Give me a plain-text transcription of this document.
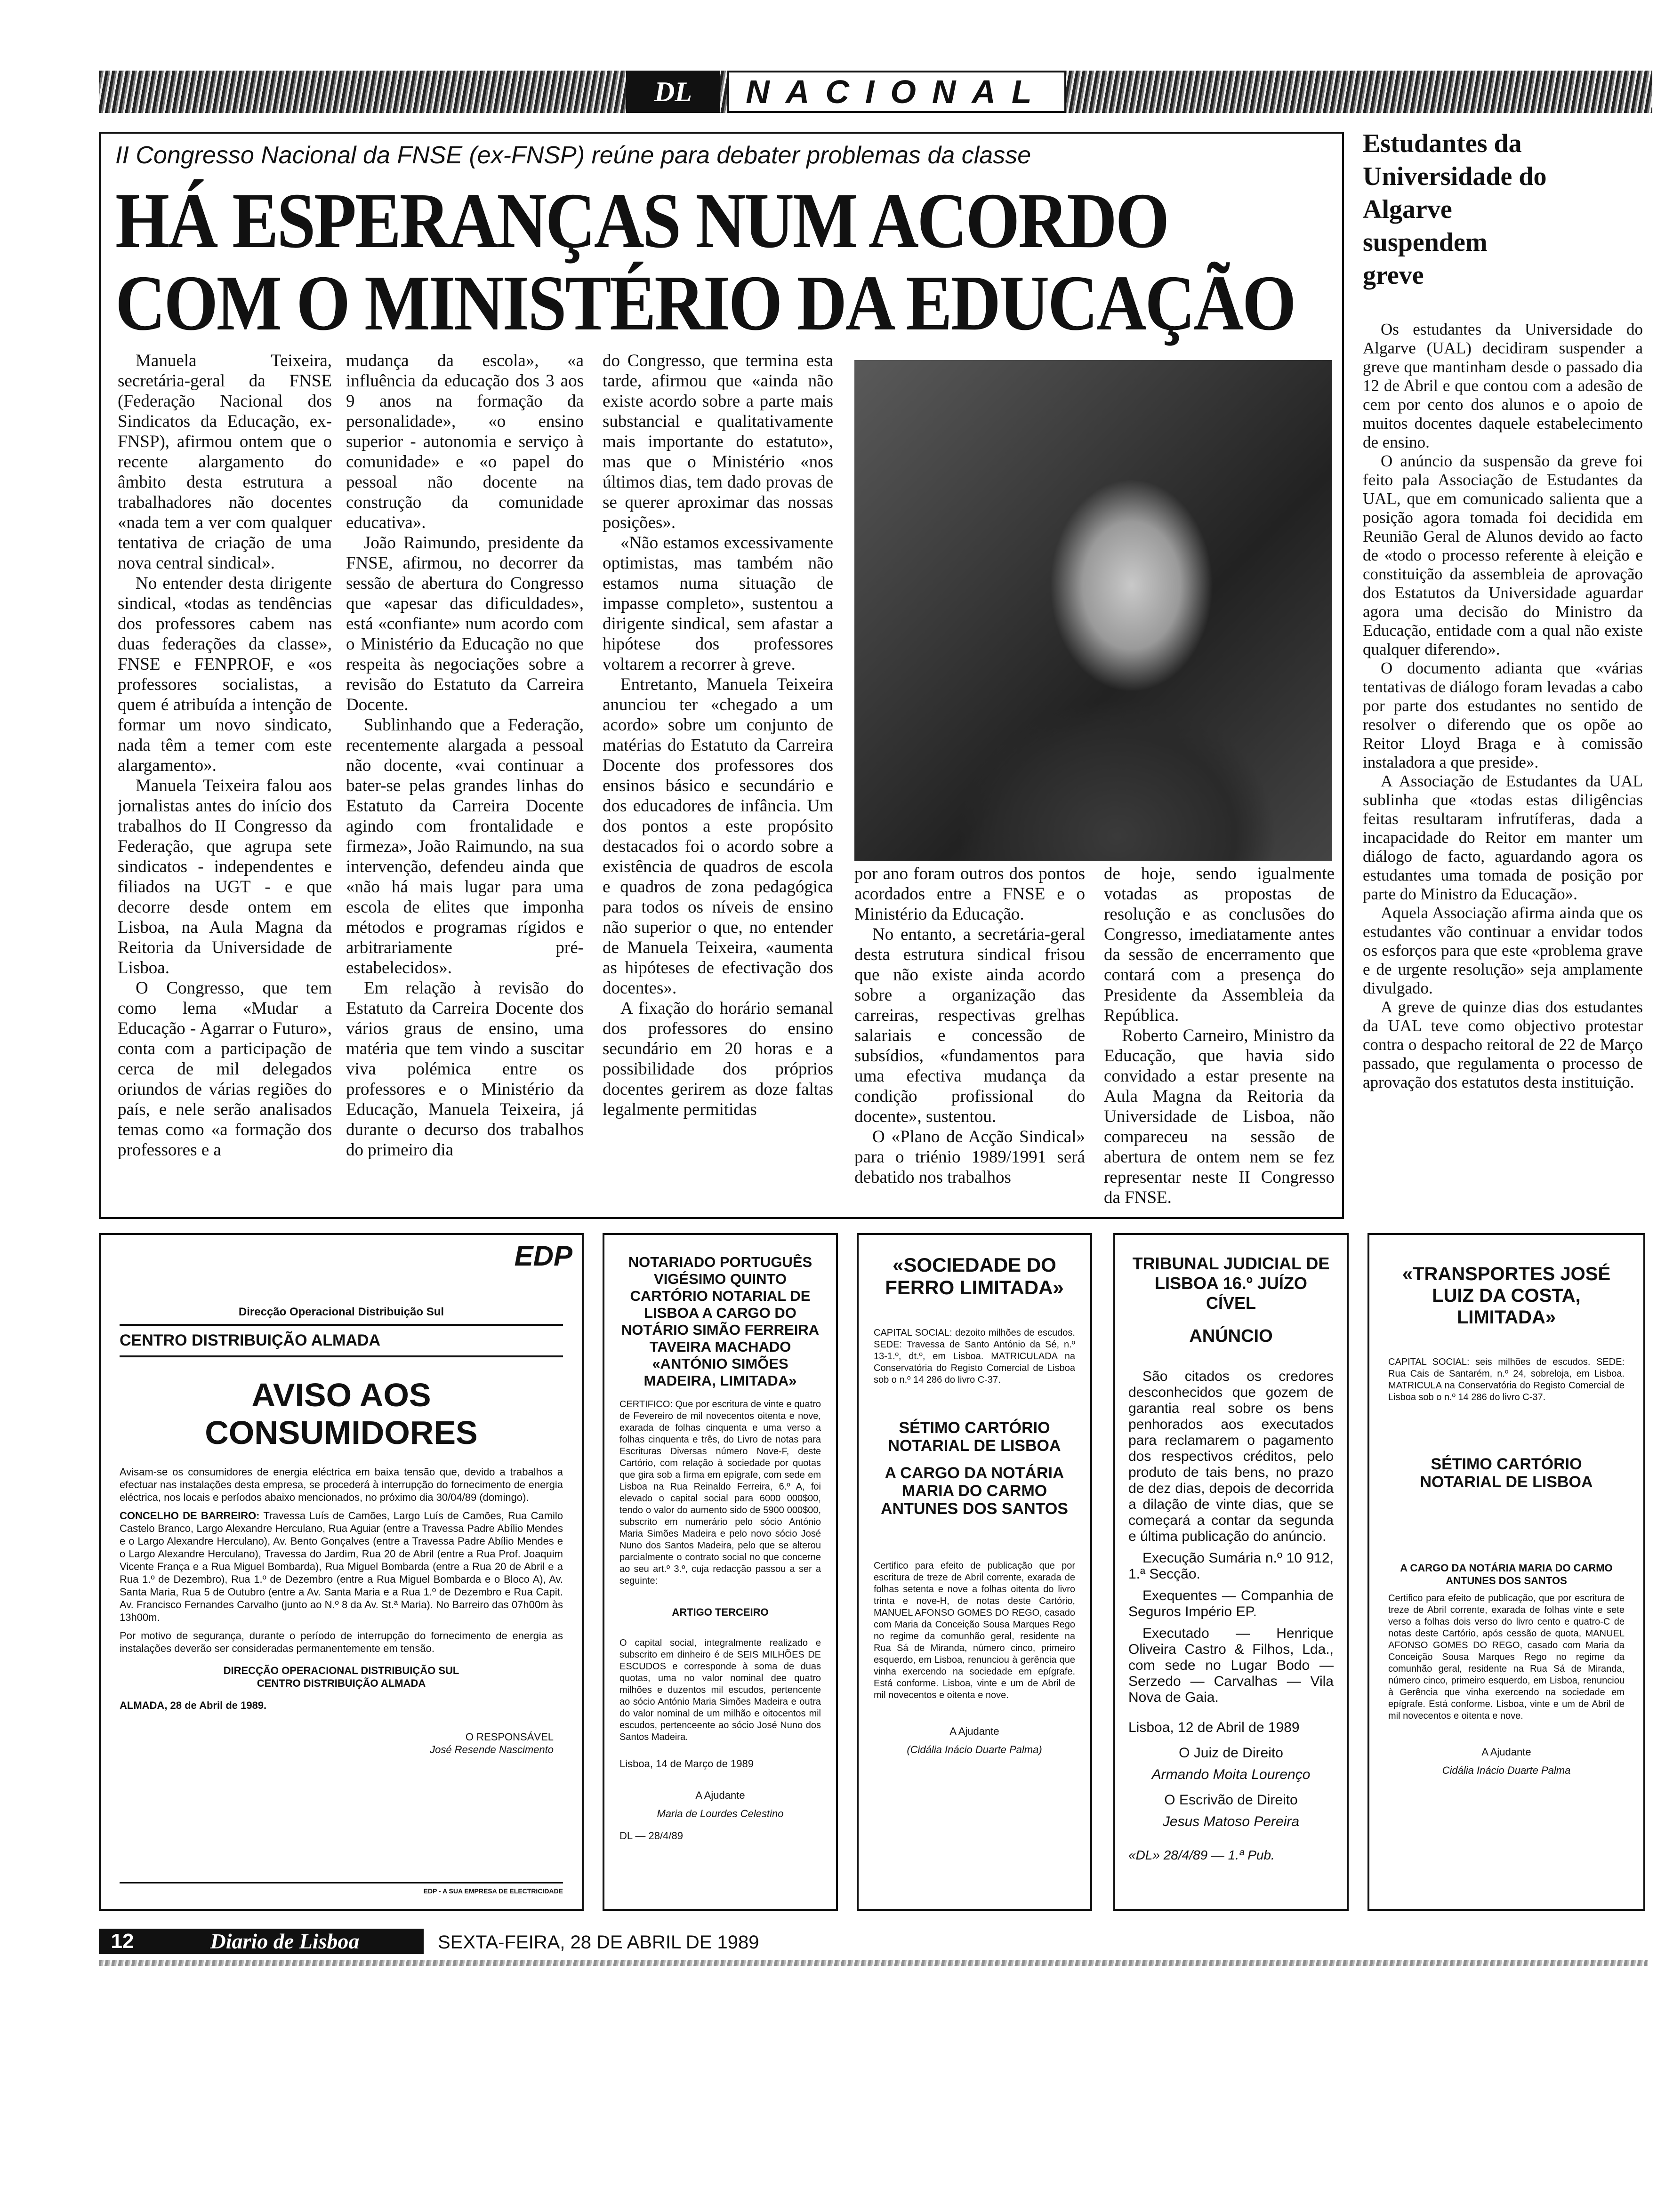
DL	NACIONAL
II Congresso Nacional da FNSE (ex-FNSP) reúne para debater problemas da classe
HÁ ESPERANÇAS NUM ACORDO
COM O MINISTÉRIO DA EDUCAÇÃO

Manuela Teixeira, secretária-geral da FNSE (Federação Nacional dos Sindicatos da Educação, ex-FNSP), afirmou ontem que o recente alargamento do âmbito desta estrutura a trabalhadores não docentes «nada tem a ver com qualquer tentativa de criação de uma nova central sindical».

No entender desta dirigente sindical, «todas as tendências dos professores cabem nas duas federações da classe», FNSE e FENPROF, e «os professores socialistas, a quem é atribuída a intenção de formar um novo sindicato, nada têm a temer com este alargamento».

Manuela Teixeira falou aos jornalistas antes do início dos trabalhos do II Congresso da Federação, que agrupa sete sindicatos - independentes e filiados na UGT - e que decorre desde ontem em Lisboa, na Aula Magna da Reitoria da Universidade de Lisboa.

O Congresso, que tem como lema «Mudar a Educação - Agarrar o Futuro», conta com a participação de cerca de mil delegados oriundos de várias regiões do país, e nele serão analisados temas como «a formação dos professores e a

mudança da escola», «a influência da educação dos 3 aos 9 anos na formação da personalidade», «o ensino superior - autonomia e serviço à comunidade» e «o papel do pessoal não docente na construção da comunidade educativa».

João Raimundo, presidente da FNSE, afirmou, no decorrer da sessão de abertura do Congresso que «apesar das dificuldades», está «confiante» num acordo com o Ministério da Educação no que respeita às negociações sobre a revisão do Estatuto da Carreira Docente.

Sublinhando que a Federação, recentemente alargada a pessoal não docente, «vai continuar a bater-se pelas grandes linhas do Estatuto da Carreira Docente agindo com frontalidade e firmeza», João Raimundo, na sua intervenção, defendeu ainda que «não há mais lugar para uma escola de elites que imponha métodos e programas rígidos e arbitrariamente pré-estabelecidos».

Em relação à revisão do Estatuto da Carreira Docente dos vários graus de ensino, uma matéria que tem vindo a suscitar viva polémica entre os professores e o Ministério da Educação, Manuela Teixeira, já durante o decurso dos trabalhos do primeiro dia

do Congresso, que termina esta tarde, afirmou que «ainda não existe acordo sobre a parte mais substancial e qualitativamente mais importante do estatuto», mas que o Ministério «nos últimos dias, tem dado provas de se querer aproximar das nossas posições».

«Não estamos excessivamente optimistas, mas também não estamos numa situação de impasse completo», sustentou a dirigente sindical, sem afastar a hipótese dos professores voltarem a recorrer à greve.

Entretanto, Manuela Teixeira anunciou ter «chegado a um acordo» sobre um conjunto de matérias do Estatuto da Carreira Docente dos professores dos ensinos básico e secundário e dos educadores de infância. Um dos pontos a este propósito destacados foi o acordo sobre a existência de quadros de escola e quadros de zona pedagógica para todos os níveis de ensino não superior o que, no entender de Manuela Teixeira, «aumenta as hipóteses de efectivação dos docentes».

A fixação do horário semanal dos professores do ensino secundário em 20 horas e a possibilidade dos próprios docentes gerirem as doze faltas legalmente permitidas

por ano foram outros dos pontos acordados entre a FNSE e o Ministério da Educação.

No entanto, a secretária-geral desta estrutura sindical frisou que não existe ainda acordo sobre a organização das carreiras, respectivas grelhas salariais e concessão de subsídios, «fundamentos para uma efectiva mudança da condição profissional do docente», sustentou.

O «Plano de Acção Sindical» para o triénio 1989/1991 será debatido nos trabalhos

de hoje, sendo igualmente votadas as propostas de resolução e as conclusões do Congresso, imediatamente antes da sessão de encerramento que contará com a presença do Presidente da Assembleia da República.

Roberto Carneiro, Ministro da Educação, que havia sido convidado a estar presente na Aula Magna da Reitoria da Universidade de Lisboa, não compareceu na sessão de abertura de ontem nem se fez representar neste II Congresso da FNSE.

Estudantes da Universidade do Algarve suspendem greve

Os estudantes da Universidade do Algarve (UAL) decidiram suspender a greve que mantinham desde o passado dia 12 de Abril e que contou com a adesão de cem por cento dos alunos e o apoio de muitos docentes daquele estabelecimento de ensino.

O anúncio da suspensão da greve foi feito pala Associação de Estudantes da UAL, que em comunicado salienta que a posição agora tomada foi decidida em Reunião Geral de Alunos devido ao facto de «todo o processo referente à eleição e constituição da assembleia de aprovação dos Estatutos da Universidade aguardar agora uma decisão do Ministro da Educação, entidade com a qual não existe qualquer diferendo».

O documento adianta que «várias tentativas de diálogo foram levadas a cabo por parte dos estudantes no sentido de resolver o diferendo que os opõe ao Reitor Lloyd Braga e à comissão instaladora a que preside».

A Associação de Estudantes da UAL sublinha que «todas estas diligências feitas resultaram infrutíferas, dada a incapacidade do Reitor em manter um diálogo de facto, aguardando agora os estudantes uma tomada de posição por parte do Ministro da Educação».

Aquela Associação afirma ainda que os estudantes vão continuar a envidar todos os esforços para que este «problema grave e de urgente resolução» seja amplamente divulgado.

A greve de quinze dias dos estudantes da UAL teve como objectivo protestar contra o despacho reitoral de 22 de Março passado, que regulamenta o processo de aprovação dos estatutos desta instituição.

EDP
Direcção Operacional Distribuição Sul
CENTRO DISTRIBUIÇÃO ALMADA
AVISO AOS CONSUMIDORES
Avisam-se os consumidores de energia eléctrica em baixa tensão que, devido a trabalhos a efectuar nas instalações desta empresa, se procederá à interrupção do fornecimento de energia eléctrica, nos locais e períodos abaixo mencionados, no próximo dia 30/04/89 (domingo).
CONCELHO DE BARREIRO: Travessa Luís de Camões, Largo Luís de Camões, Rua Camilo Castelo Branco, Largo Alexandre Herculano, Rua Aguiar (entre a Travessa Padre Abílio Mendes e o Largo Alexandre Herculano), Av. Bento Gonçalves (entre a Travessa Padre Abílio Mendes e o Largo Alexandre Herculano), Travessa do Jardim, Rua 20 de Abril (entre a Rua Prof. Joaquim Vicente França e a Rua Miguel Bombarda), Rua Miguel Bombarda (entre a Rua 20 de Abril e a Rua 1.º de Dezembro), Rua 1.º de Dezembro (entre a Rua Miguel Bombarda e o Bloco A), Av. Santa Maria, Rua 5 de Outubro (entre a Av. Santa Maria e a Rua 1.º de Dezembro e Rua Capit. Av. Francisco Fernandes Carvalho (junto ao N.º 8 da Av. St.ª Maria). No Barreiro das 07h00m às 13h00m.
Por motivo de segurança, durante o período de interrupção do fornecimento de energia as instalações deverão ser consideradas permanentemente em tensão.
DIRECÇÃO OPERACIONAL DISTRIBUIÇÃO SUL
CENTRO DISTRIBUIÇÃO ALMADA
ALMADA, 28 de Abril de 1989.
O RESPONSÁVEL
José Resende Nascimento
EDP - A SUA EMPRESA DE ELECTRICIDADE
NOTARIADO PORTUGUÊS VIGÉSIMO QUINTO CARTÓRIO NOTARIAL DE LISBOA A CARGO DO NOTÁRIO SIMÃO FERREIRA TAVEIRA MACHADO «ANTÓNIO SIMÕES MADEIRA, LIMITADA»
CERTIFICO: Que por escritura de vinte e quatro de Fevereiro de mil novecentos oitenta e nove, exarada de folhas cinquenta e uma verso a folhas cinquenta e três, do Livro de notas para Escrituras Diversas número Nove-F, deste Cartório, com relação à sociedade por quotas que gira sob a firma em epígrafe, com sede em Lisboa na Rua Reinaldo Ferreira, 6.º A, foi elevado o capital social para 6000 000$00, tendo o valor do aumento sido de 5900 000$00, subscrito em numerário pelo sócio António Maria Simões Madeira e pelo novo sócio José Nuno dos Santos Madeira, pelo que se alterou parcialmente o contrato social no que concerne ao seu art.º 3.º, cuja redacção passou a ser a seguinte:
ARTIGO TERCEIRO
O capital social, integralmente realizado e subscrito em dinheiro é de SEIS MILHÕES DE ESCUDOS e corresponde à soma de duas quotas, uma no valor nominal dee quatro milhões e duzentos mil escudos, pertencente ao sócio António Maria Simões Madeira e outra do valor nominal de um milhão e oitocentos mil escudos, pertenceente ao sócio José Nuno dos Santos Madeira.
Lisboa, 14 de Março de 1989
A Ajudante
Maria de Lourdes Celestino
DL — 28/4/89
«SOCIEDADE DO FERRO LIMITADA»
CAPITAL SOCIAL: dezoito milhões de escudos. SEDE: Travessa de Santo António da Sé, n.º 13-1.º, dt.º, em Lisboa. MATRICULADA na Conservatória do Registo Comercial de Lisboa sob o n.º 14 286 do livro C-37.
SÉTIMO CARTÓRIO NOTARIAL DE LISBOA
A CARGO DA NOTÁRIA MARIA DO CARMO ANTUNES DOS SANTOS
Certifico para efeito de publicação que por escritura de treze de Abril corrente, exarada de folhas setenta e nove a folhas oitenta do livro trinta e nove-H, de notas deste Cartório, MANUEL AFONSO GOMES DO REGO, casado com Maria da Conceição Sousa Marques Rego no regime da comunhão geral, residente na Rua Sá de Miranda, número cinco, primeiro esquerdo, em Lisboa, renunciou à gerência que vinha exercendo na sociedade em epígrafe. Está conforme. Lisboa, vinte e um de Abril de mil novecentos e oitenta e nove.
A Ajudante
(Cidália Inácio Duarte Palma)
TRIBUNAL JUDICIAL DE LISBOA 16.º JUÍZO CÍVEL
ANÚNCIO
São citados os credores desconhecidos que gozem de garantia real sobre os bens penhorados aos executados para reclamarem o pagamento dos respectivos créditos, pelo produto de tais bens, no prazo de dez dias, depois de decorrida a dilação de vinte dias, que se começará a contar da segunda e última publicação do anúncio.
Execução Sumária n.º 10 912, 1.ª Secção.
Exequentes — Companhia de Seguros Império EP.
Executado — Henrique Oliveira Castro & Filhos, Lda., com sede no Lugar Bodo — Serzedo — Carvalhas — Vila Nova de Gaia.
Lisboa, 12 de Abril de 1989
O Juiz de Direito
Armando Moita Lourenço
O Escrivão de Direito
Jesus Matoso Pereira
«DL» 28/4/89 — 1.ª Pub.
«TRANSPORTES JOSÉ LUIZ DA COSTA, LIMITADA»
CAPITAL SOCIAL: seis milhões de escudos. SEDE: Rua Cais de Santarém, n.º 24, sobreloja, em Lisboa. MATRICULA na Conservatória do Registo Comercial de Lisboa sob o n.º 14 286 do livro C-37.
SÉTIMO CARTÓRIO NOTARIAL DE LISBOA
A CARGO DA NOTÁRIA MARIA DO CARMO ANTUNES DOS SANTOS
Certifico para efeito de publicação, que por escritura de treze de Abril corrente, exarada de folhas vinte e sete verso a folhas dois verso do livro cento e quatro-C de notas deste Cartório, após cessão de quota, MANUEL AFONSO GOMES DO REGO, casado com Maria da Conceição Sousa Marques Rego no regime da comunhão geral, residente na Rua Sá de Miranda, número cinco, primeiro esquerdo, em Lisboa, renunciou à Gerência que vinha exercendo na sociedade em epígrafe. Está conforme. Lisboa, vinte e um de Abril de mil novecentos e oitenta e nove.
A Ajudante
Cidália Inácio Duarte Palma
12	Diario de Lisboa	SEXTA-FEIRA, 28 DE ABRIL DE 1989
